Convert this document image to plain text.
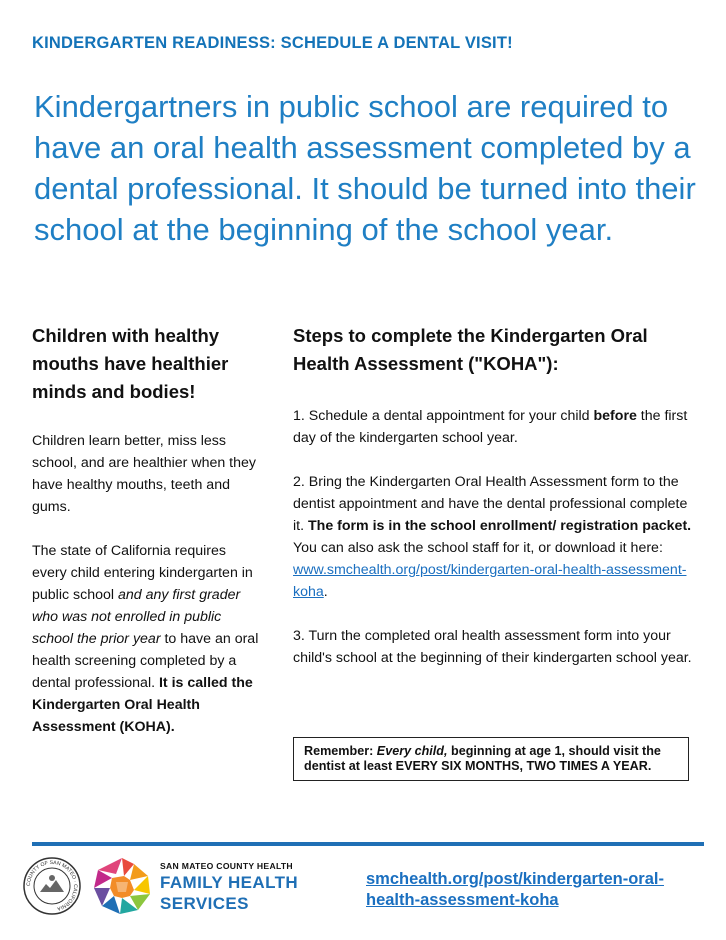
KINDERGARTEN READINESS: SCHEDULE A DENTAL VISIT!
Kindergartners in public school are required to have an oral health assessment completed by a dental professional. It should be turned into their school at the beginning of the school year.
Children with healthy mouths have healthier minds and bodies!

Children learn better, miss less school, and are healthier when they have healthy mouths, teeth and gums.

The state of California requires every child entering kindergarten in public school and any first grader who was not enrolled in public school the prior year to have an oral health screening completed by a dental professional. It is called the Kindergarten Oral Health Assessment (KOHA).

Steps to complete the Kindergarten Oral Health Assessment ("KOHA"):

1. Schedule a dental appointment for your child before the first day of the kindergarten school year.

2. Bring the Kindergarten Oral Health Assessment form to the dentist appointment and have the dental professional complete it. The form is in the school enrollment/ registration packet. You can also ask the school staff for it, or download it here: www.smchealth.org/post/kindergarten-oral-health-assessment-koha.

3. Turn the completed oral health assessment form into your child's school at the beginning of their kindergarten school year.

Remember: Every child, beginning at age 1, should visit the dentist at least EVERY SIX MONTHS, TWO TIMES A YEAR.
COUNTY OF SAN MATEO · CALIFORNIA
SAN MATEO COUNTY HEALTH
FAMILY HEALTH
SERVICES
smchealth.org/post/kindergarten-oral-health-assessment-koha
